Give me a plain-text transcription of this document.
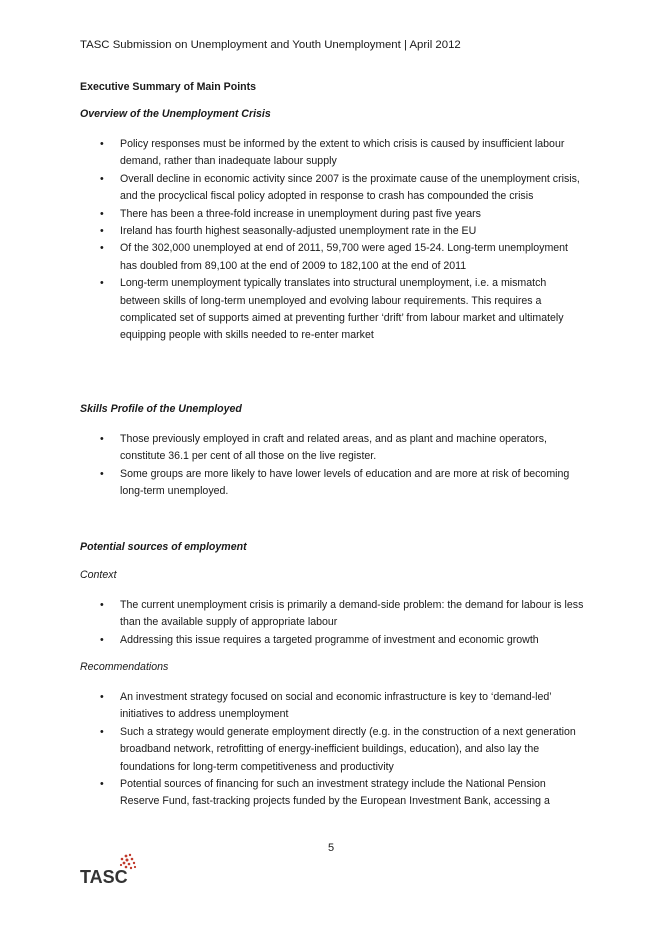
TASC Submission on Unemployment and Youth Unemployment | April 2012
Executive Summary of Main Points
Overview of the Unemployment Crisis
• Policy responses must be informed by the extent to which crisis is caused by insufficient labour demand, rather than inadequate labour supply
• Overall decline in economic activity since 2007 is the proximate cause of the unemployment crisis, and the procyclical fiscal policy adopted in response to crash has compounded the crisis
• There has been a three-fold increase in unemployment during past five years
• Ireland has fourth highest seasonally-adjusted unemployment rate in the EU
• Of the 302,000 unemployed at end of 2011, 59,700 were aged 15-24. Long-term unemployment has doubled from 89,100 at the end of 2009 to 182,100 at the end of 2011
• Long-term unemployment typically translates into structural unemployment, i.e. a mismatch between skills of long-term unemployed and evolving labour requirements. This requires a complicated set of supports aimed at preventing further ‘drift’ from labour market and ultimately equipping people with skills needed to re-enter market
Skills Profile of the Unemployed
• Those previously employed in craft and related areas, and as plant and machine operators, constitute 36.1 per cent of all those on the live register.
• Some groups are more likely to have lower levels of education and are more at risk of becoming long-term unemployed.
Potential sources of employment
Context
• The current unemployment crisis is primarily a demand-side problem: the demand for labour is less than the available supply of appropriate labour
• Addressing this issue requires a targeted programme of investment and economic growth
Recommendations
• An investment strategy focused on social and economic infrastructure is key to ‘demand-led’ initiatives to address unemployment
• Such a strategy would generate employment directly (e.g. in the construction of a next generation broadband network, retrofitting of energy-inefficient buildings, education), and also lay the foundations for long-term competitiveness and productivity
• Potential sources of financing for such an investment strategy include the National Pension Reserve Fund, fast-tracking projects funded by the European Investment Bank, accessing a
5
TASC
